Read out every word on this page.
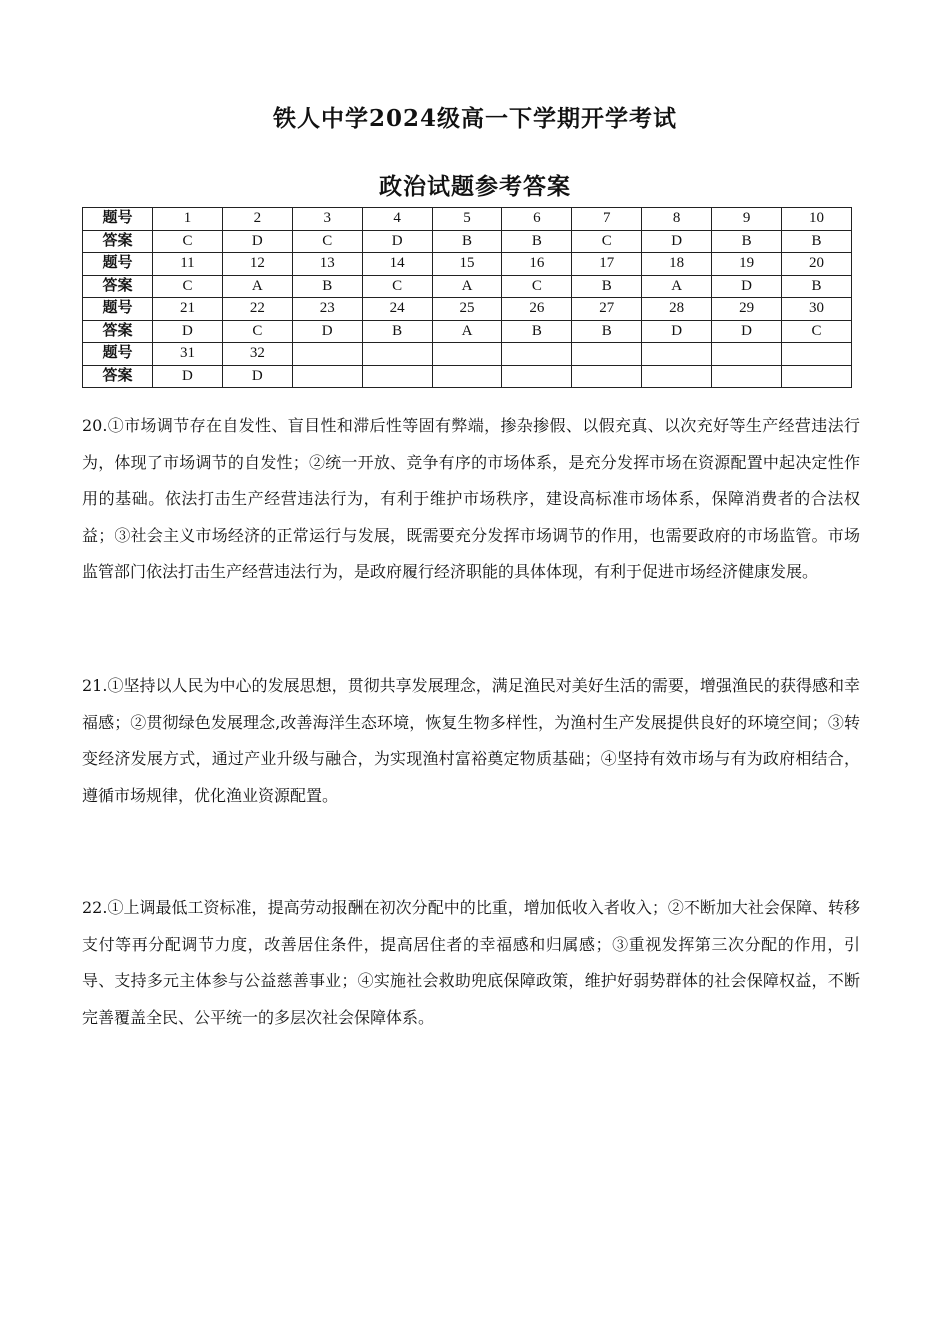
铁人中学2024级高一下学期开学考试
政治试题参考答案
题号	1	2	3	4	5	6	7	8	9	10
答案	C	D	C	D	B	B	C	D	B	B
题号	11	12	13	14	15	16	17	18	19	20
答案	C	A	B	C	A	C	B	A	D	B
题号	21	22	23	24	25	26	27	28	29	30
答案	D	C	D	B	A	B	B	D	D	C
题号	31	32								
答案	D	D								
20.①市场调节存在自发性、盲目性和滞后性等固有弊端，掺杂掺假、以假充真、以次充好等生产经营违法行为，体现了市场调节的自发性；②统一开放、竞争有序的市场体系，是充分发挥市场在资源配置中起决定性作用的基础。依法打击生产经营违法行为，有利于维护市场秩序，建设高标准市场体系，保障消费者的合法权益；③社会主义市场经济的正常运行与发展，既需要充分发挥市场调节的作用，也需要政府的市场监管。市场监管部门依法打击生产经营违法行为，是政府履行经济职能的具体体现，有利于促进市场经济健康发展。
21.①坚持以人民为中心的发展思想，贯彻共享发展理念，满足渔民对美好生活的需要，增强渔民的获得感和幸福感；②贯彻绿色发展理念,改善海洋生态环境，恢复生物多样性，为渔村生产发展提供良好的环境空间；③转变经济发展方式，通过产业升级与融合，为实现渔村富裕奠定物质基础；④坚持有效市场与有为政府相结合，遵循市场规律，优化渔业资源配置。
22.①上调最低工资标准，提高劳动报酬在初次分配中的比重，增加低收入者收入；②不断加大社会保障、转移支付等再分配调节力度，改善居住条件，提高居住者的幸福感和归属感；③重视发挥第三次分配的作用，引导、支持多元主体参与公益慈善事业；④实施社会救助兜底保障政策，维护好弱势群体的社会保障权益，不断完善覆盖全民、公平统一的多层次社会保障体系。
